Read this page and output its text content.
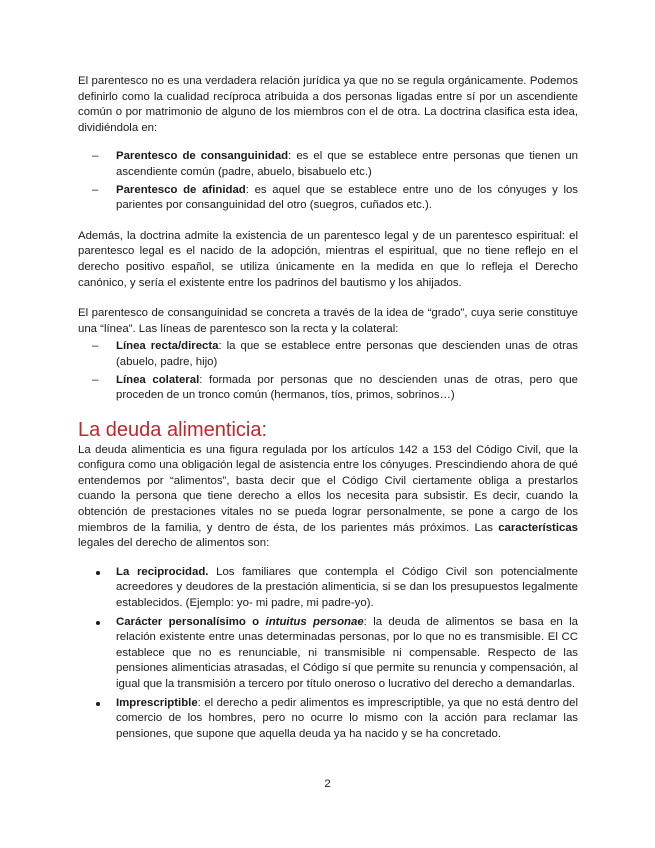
El parentesco no es una verdadera relación jurídica ya que no se regula orgánicamente. Podemos definirlo como la cualidad recíproca atribuida a dos personas ligadas entre sí por un ascendiente común o por matrimonio de alguno de los miembros con el de otra. La doctrina clasifica esta idea, dividiéndola en:

– Parentesco de consanguinidad: es el que se establece entre personas que tienen un ascendiente común (padre, abuelo, bisabuelo etc.)
– Parentesco de afinidad: es aquel que se establece entre uno de los cónyuges y los parientes por consanguinidad del otro (suegros, cuñados etc.).

Además, la doctrina admite la existencia de un parentesco legal y de un parentesco espiritual: el parentesco legal es el nacido de la adopción, mientras el espiritual, que no tiene reflejo en el derecho positivo español, se utiliza únicamente en la medida en que lo refleja el Derecho canónico, y sería el existente entre los padrinos del bautismo y los ahijados.

El parentesco de consanguinidad se concreta a través de la idea de “grado”, cuya serie constituye una “línea”. Las líneas de parentesco son la recta y la colateral:

– Línea recta/directa: la que se establece entre personas que descienden unas de otras (abuelo, padre, hijo)
– Línea colateral: formada por personas que no descienden unas de otras, pero que proceden de un tronco común (hermanos, tíos, primos, sobrinos…)
La deuda alimenticia:

La deuda alimenticia es una figura regulada por los artículos 142 a 153 del Código Civil, que la configura como una obligación legal de asistencia entre los cónyuges. Prescindiendo ahora de qué entendemos por “alimentos”, basta decir que el Código Civil ciertamente obliga a prestarlos cuando la persona que tiene derecho a ellos los necesita para subsistir. Es decir, cuando la obtención de prestaciones vitales no se pueda lograr personalmente, se pone a cargo de los miembros de la familia, y dentro de ésta, de los parientes más próximos. Las características legales del derecho de alimentos son:

La reciprocidad. Los familiares que contempla el Código Civil son potencialmente acreedores y deudores de la prestación alimenticia, si se dan los presupuestos legalmente establecidos. (Ejemplo: yo- mi padre, mi padre-yo).
Carácter personalísimo o intuitus personae: la deuda de alimentos se basa en la relación existente entre unas determinadas personas, por lo que no es transmisible. El CC establece que no es renunciable, ni transmisible ni compensable. Respecto de las pensiones alimenticias atrasadas, el Código sí que permite su renuncia y compensación, al igual que la transmisión a tercero por título oneroso o lucrativo del derecho a demandarlas.
Imprescriptible: el derecho a pedir alimentos es imprescriptible, ya que no está dentro del comercio de los hombres, pero no ocurre lo mismo con la acción para reclamar las pensiones, que supone que aquella deuda ya ha nacido y se ha concretado.
2
